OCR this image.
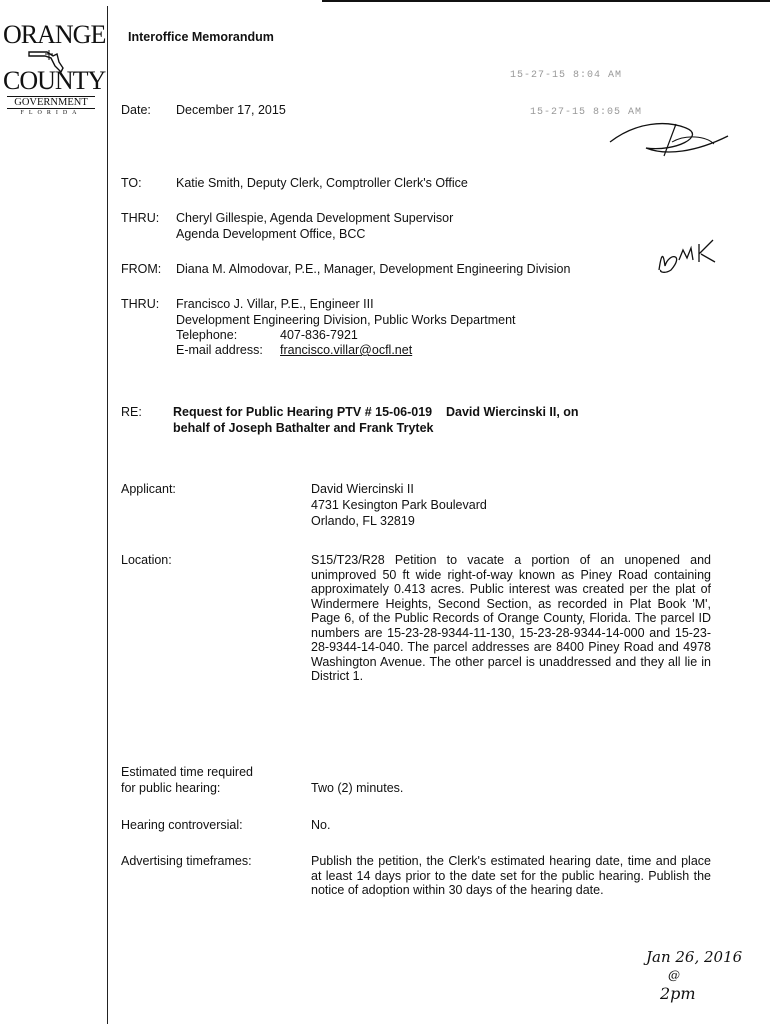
ORANGE
COUNTY
GOVERNMENT
FLORIDA
Interoffice Memorandum
15-27-15 8:04 AM
15-27-15 8:05 AM
Date: December 17, 2015
TO:	Katie Smith, Deputy Clerk, Comptroller Clerk's Office
THRU: Cheryl Gillespie, Agenda Development Supervisor
Agenda Development Office, BCC
FROM: Diana M. Almodovar, P.E., Manager, Development Engineering Division
THRU: Francisco J. Villar, P.E., Engineer III
Development Engineering Division, Public Works Department
Telephone:	407-836-7921
E-mail address: francisco.villar@ocfl.net
RE: Request for Public Hearing PTV # 15-06-019    David Wiercinski II, on
behalf of Joseph Bathalter and Frank Trytek
Applicant:	David Wiercinski II
4731 Kesington Park Boulevard
Orlando, FL 32819
Location:	S15/T23/R28 Petition to vacate a portion of an unopened and unimproved 50 ft wide right-of-way known as Piney Road containing approximately 0.413 acres. Public interest was created per the plat of Windermere Heights, Second Section, as recorded in Plat Book 'M', Page 6, of the Public Records of Orange County, Florida. The parcel ID numbers are 15-23-28-9344-11-130, 15-23-28-9344-14-000 and 15-23-28-9344-14-040. The parcel addresses are 8400 Piney Road and 4978 Washington Avenue. The other parcel is unaddressed and they all lie in District 1.
Estimated time required
for public hearing:	Two (2) minutes.
Hearing controversial:	No.
Advertising timeframes:	Publish the petition, the Clerk's estimated hearing date, time and place at least 14 days prior to the date set for the public hearing. Publish the notice of adoption within 30 days of the hearing date.
Jan 26, 2016
@
2pm
